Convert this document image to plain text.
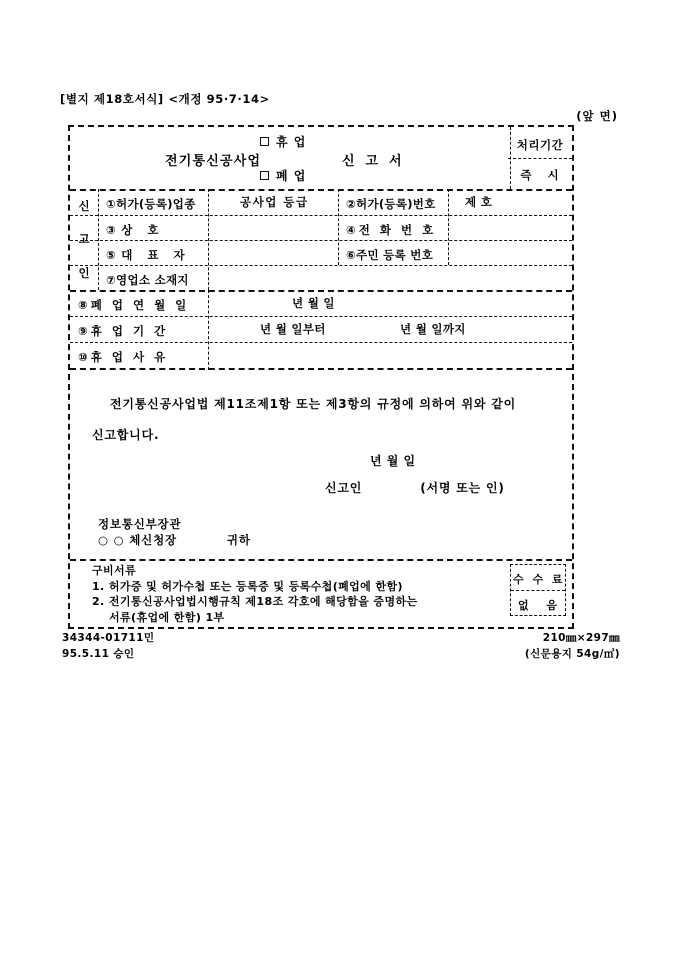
[별지 제18호서식] <개정 95·7·14>
(앞 면)
전기통신공사업
휴 업
폐 업
신 고 서
처리기간
즉 시
신
고
인
①허가(등록)업종	공사업 등급	②허가(등록)번호	제 호
③상 호	④전 화 번 호
⑤대 표 자	⑥주민 등록 번호
⑦영업소 소재지
⑧폐 업 연 월 일	년 월 일
⑨휴 업 기 간	년 월 일부터	년 월 일까지
⑩휴 업 사 유
전기통신공사업법 제11조제1항 또는 제3항의 규정에 의하여 위와 같이
신고합니다.
년 월 일
신고인	(서명 또는 인)
정보통신부장관
○ ○ 체신청장	귀하
구비서류
1. 허가증 및 허가수첩 또는 등록증 및 등록수첩(폐업에 한함)
2. 전기통신공사업법시행규칙 제18조 각호에 해당함을 증명하는
서류(휴업에 한함) 1부
수 수 료
없 음
34344-01711민
95.5.11 승인
210㎜×297㎜
(신문용지 54g/㎡)
